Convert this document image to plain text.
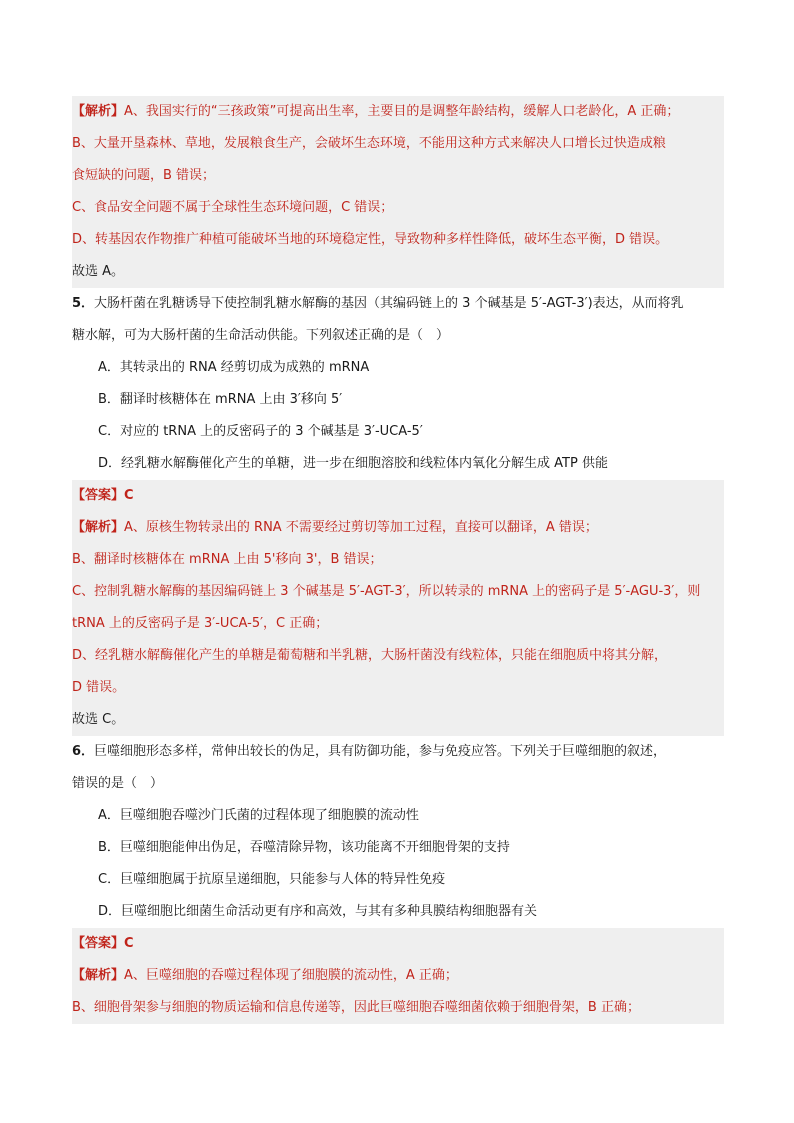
【解析】A、我国实行的“三孩政策”可提高出生率，主要目的是调整年龄结构，缓解人口老龄化，A 正确；
B、大量开垦森林、草地，发展粮食生产，会破坏生态环境，不能用这种方式来解决人口增长过快造成粮
食短缺的问题，B 错误；
C、食品安全问题不属于全球性生态环境问题，C 错误；
D、转基因农作物推广种植可能破坏当地的环境稳定性，导致物种多样性降低，破坏生态平衡，D 错误。
故选 A。
5．大肠杆菌在乳糖诱导下使控制乳糖水解酶的基因（其编码链上的 3 个碱基是 5′-AGT-3′)表达，从而将乳
糖水解，可为大肠杆菌的生命活动供能。下列叙述正确的是（　）
A．其转录出的 RNA 经剪切成为成熟的 mRNA
B．翻译时核糖体在 mRNA 上由 3′移向 5′
C．对应的 tRNA 上的反密码子的 3 个碱基是 3′-UCA-5′
D．经乳糖水解酶催化产生的单糖，进一步在细胞溶胶和线粒体内氧化分解生成 ATP 供能
【答案】C
【解析】A、原核生物转录出的 RNA 不需要经过剪切等加工过程，直接可以翻译，A 错误；
B、翻译时核糖体在 mRNA 上由 5'移向 3'，B 错误；
C、控制乳糖水解酶的基因编码链上 3 个碱基是 5′-AGT-3′，所以转录的 mRNA 上的密码子是 5′-AGU-3′，则
tRNA 上的反密码子是 3′-UCA-5′，C 正确；
D、经乳糖水解酶催化产生的单糖是葡萄糖和半乳糖，大肠杆菌没有线粒体，只能在细胞质中将其分解，
D 错误。
故选 C。
6．巨噬细胞形态多样，常伸出较长的伪足，具有防御功能，参与免疫应答。下列关于巨噬细胞的叙述，
错误的是（　）
A．巨噬细胞吞噬沙门氏菌的过程体现了细胞膜的流动性
B．巨噬细胞能伸出伪足，吞噬清除异物，该功能离不开细胞骨架的支持
C．巨噬细胞属于抗原呈递细胞，只能参与人体的特异性免疫
D．巨噬细胞比细菌生命活动更有序和高效，与其有多种具膜结构细胞器有关
【答案】C
【解析】A、巨噬细胞的吞噬过程体现了细胞膜的流动性，A 正确；
B、细胞骨架参与细胞的物质运输和信息传递等，因此巨噬细胞吞噬细菌依赖于细胞骨架，B 正确；
